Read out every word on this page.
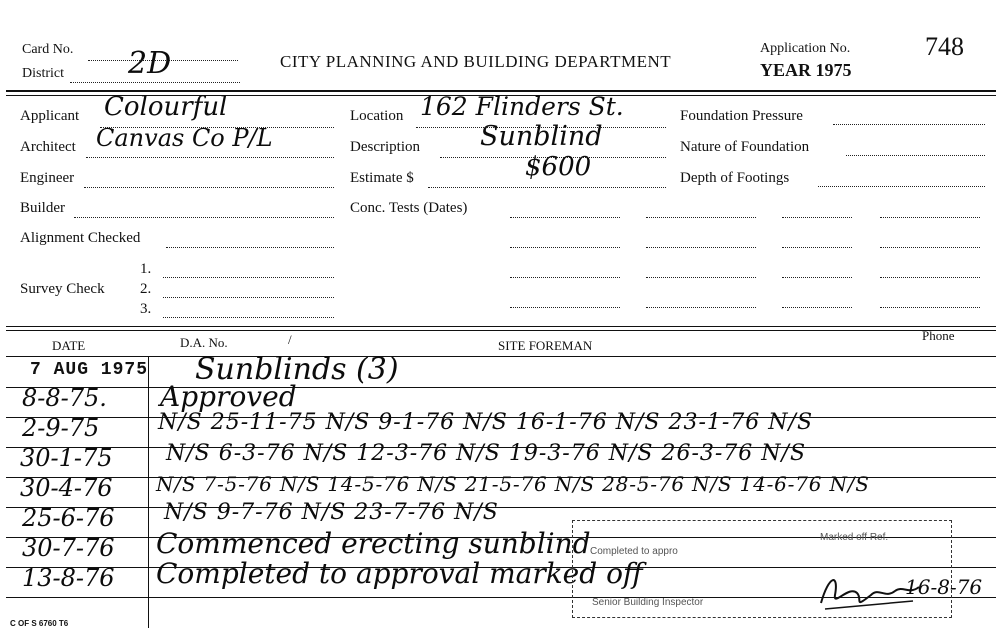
Card No. 2D
District
CITY PLANNING AND BUILDING DEPARTMENT
Application No.
YEAR 1975
748
Applicant Colourful
Architect Canvas Co P/L
Engineer
Builder
Alignment Checked
1.
Survey Check 2.
3.
Location 162 Flinders St.
Description Sunblind
Estimate $	$600
Conc. Tests (Dates)
Foundation Pressure
Nature of Foundation
Depth of Footings
DATE	D.A. No.	SITE FOREMAN
Phone
/
7 AUG 1975 Sunblinds (3)
8-8-75. Approved
2-9-75	N/S 25-11-75 N/S 9-1-76 N/S 16-1-76 N/S 23-1-76 N/S
30-1-75 N/S 6-3-76 N/S 12-3-76 N/S 19-3-76 N/S 26-3-76 N/S
30-4-76 N/S 7-5-76 N/S 14-5-76 N/S 21-5-76 N/S 28-5-76 N/S 14-6-76 N/S
25-6-76 N/S 9-7-76 N/S 23-7-76 N/S
30-7-76 Commenced erecting sunblind
13-8-76 Completed to approval marked off
Completed to appro
Marked off Ref.
Senior Building Inspector
16-8-76
C OF S 6760 T6
